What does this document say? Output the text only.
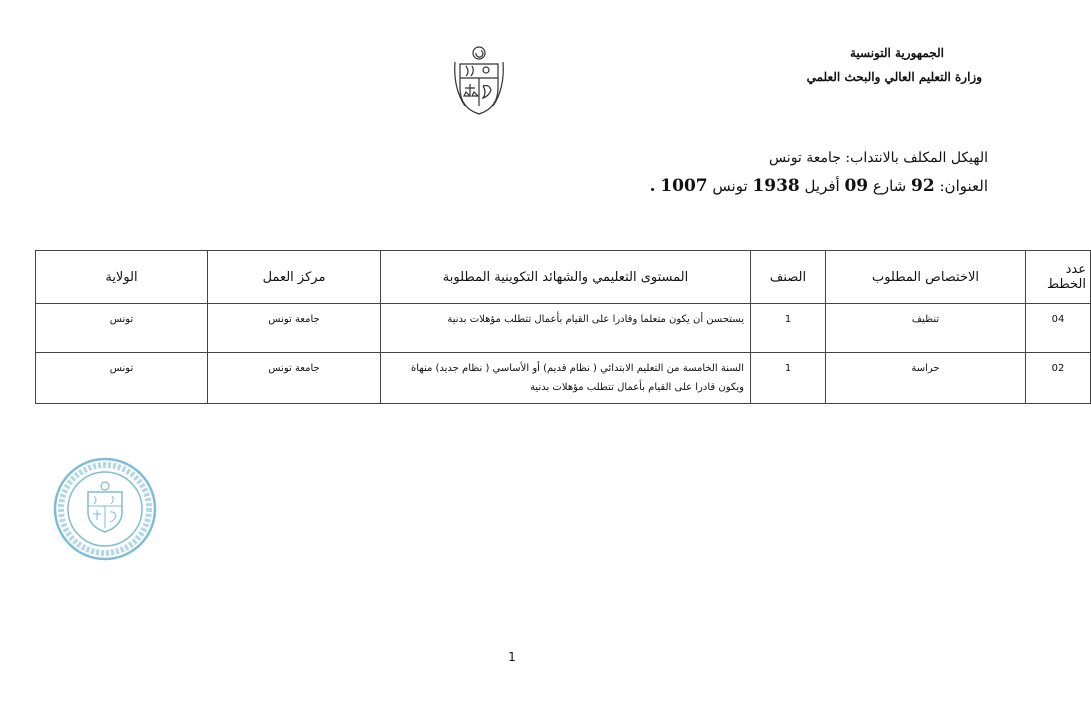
الجمهورية التونسية
وزارة التعليم العالي والبحث العلمي
الهيكل المكلف بالانتداب: جامعة تونس
العنوان: 92 شارع 09 أفريل 1938 تونس 1007 .
عدد الخطط	الاختصاص المطلوب	الصنف	المستوى التعليمي والشهائد التكوينية المطلوبة	مركز العمل	الولاية
04	تنظيف	1	يستحسن أن يكون متعلما وقادرا على القيام بأعمال تتطلب مؤهلات بدنية	جامعة تونس	تونس
02	حراسة	1	السنة الخامسة من التعليم الابتدائي ( نظام قديم) أو الأساسي ( نظام جديد) منهاة ويكون قادرا على القيام بأعمال تتطلب مؤهلات بدنية	جامعة تونس	تونس
1
